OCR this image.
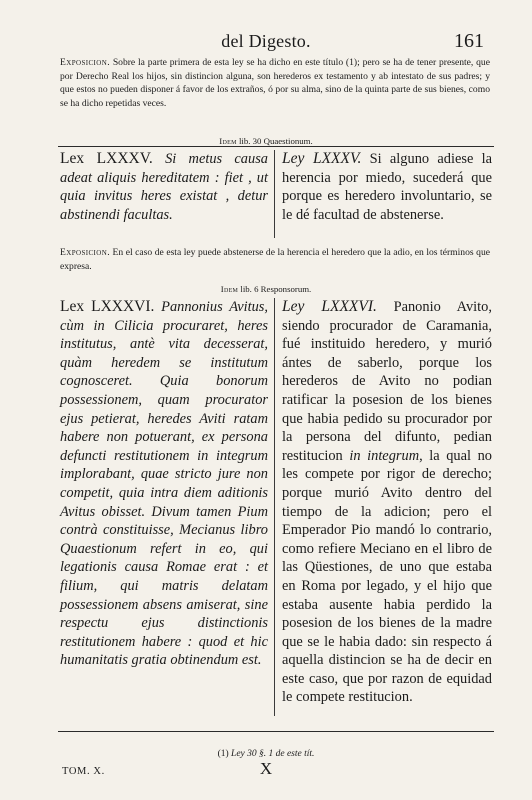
del Digesto.	161
Exposicion. Sobre la parte primera de esta ley se ha dicho en este título (1); pero se ha de tener presente, que por Derecho Real los hijos, sin distincion alguna, son herederos ex testamento y ab intestato de sus padres; y que estos no pueden disponer á favor de los extraños, ó por su alma, sino de la quinta parte de sus bienes, como se ha dicho repetidas veces.
Idem lib. 30 Quaestionum.
Lex LXXXV. Si metus causa adeat aliquis hereditatem : fiet , ut quia invitus heres existat , detur abstinendi facultas.
Ley LXXXV. Si alguno adiese la herencia por miedo, sucederá que porque es heredero involuntario, se le dé facultad de abstenerse.
Exposicion. En el caso de esta ley puede abstenerse de la herencia el heredero que la adio, en los términos que expresa.
Idem lib. 6 Responsorum.
Lex LXXXVI. Pannonius Avitus, cùm in Cilicia procuraret, heres institutus, antè vita decesserat, quàm heredem se institutum cognosceret. Quia bonorum possessionem, quam procurator ejus petierat, heredes Aviti ratam habere non potuerant, ex persona defuncti restitutionem in integrum implorabant, quae stricto jure non competit, quia intra diem aditionis Avitus obisset. Divum tamen Pium contrà constituisse, Mecianus libro Quaestionum refert in eo, qui legationis causa Romae erat : et filium, qui matris delatam possessionem absens amiserat, sine respectu ejus distinctionis restitutionem habere : quod et hic humanitatis gratia obtinendum est.
Ley LXXXVI. Panonio Avito, siendo procurador de Caramania, fué instituido heredero, y murió ántes de saberlo, porque los herederos de Avito no podian ratificar la posesion de los bienes que habia pedido su procurador por la persona del difunto, pedian restitucion in integrum, la qual no les compete por rigor de derecho; porque murió Avito dentro del tiempo de la adicion; pero el Emperador Pio mandó lo contrario, como refiere Meciano en el libro de las Qüestiones, de uno que estaba en Roma por legado, y el hijo que estaba ausente habia perdido la posesion de los bienes de la madre que se le habia dado: sin respecto á aquella distincion se ha de decir en este caso, que por razon de equidad le compete restitucion.
(1) Ley 30 §. 1 de este tít.
TOM. X.	X
